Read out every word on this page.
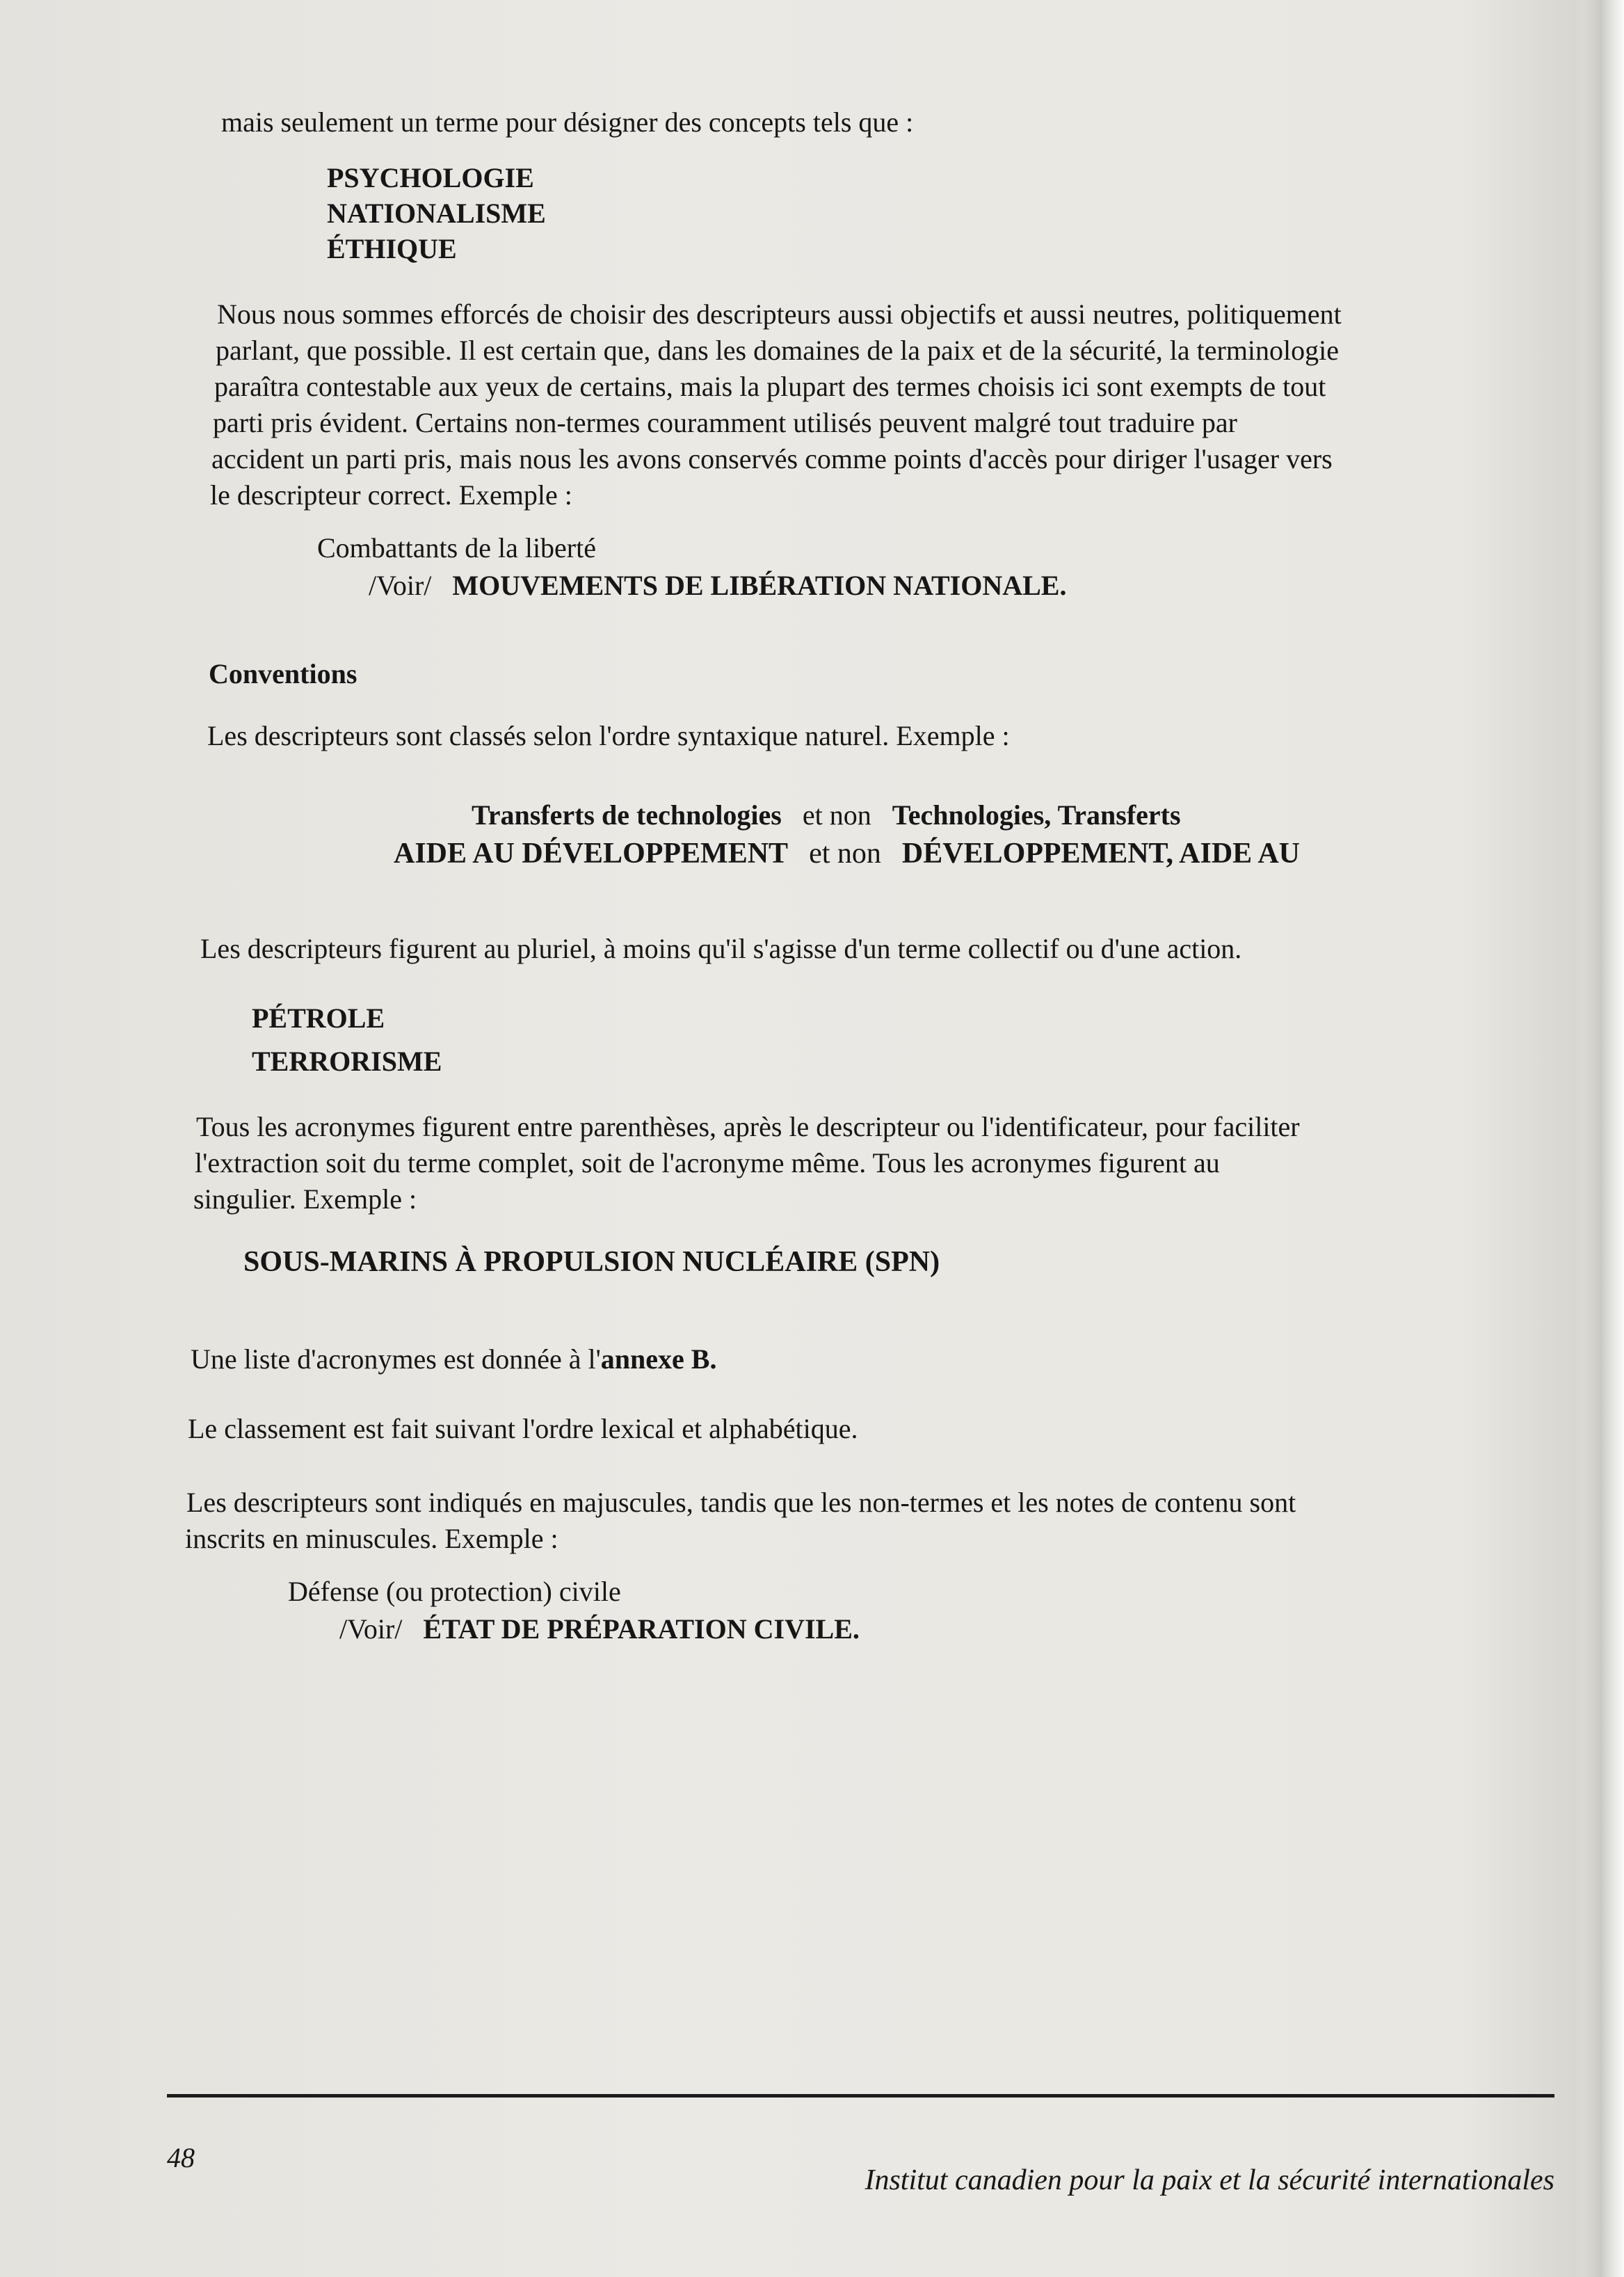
mais seulement un terme pour désigner des concepts tels que :
PSYCHOLOGIE
NATIONALISME
ÉTHIQUE
Nous nous sommes efforcés de choisir des descripteurs aussi objectifs et aussi neutres, politiquement
parlant, que possible. Il est certain que, dans les domaines de la paix et de la sécurité, la terminologie
paraîtra contestable aux yeux de certains, mais la plupart des termes choisis ici sont exempts de tout
parti pris évident. Certains non-termes couramment utilisés peuvent malgré tout traduire par
accident un parti pris, mais nous les avons conservés comme points d'accès pour diriger l'usager vers
le descripteur correct. Exemple :
Combattants de la liberté
/Voir/ MOUVEMENTS DE LIBÉRATION NATIONALE.
Conventions
Les descripteurs sont classés selon l'ordre syntaxique naturel. Exemple :
Transferts de technologies et non Technologies, Transferts
AIDE AU DÉVELOPPEMENT et non DÉVELOPPEMENT, AIDE AU
Les descripteurs figurent au pluriel, à moins qu'il s'agisse d'un terme collectif ou d'une action.
PÉTROLE
TERRORISME
Tous les acronymes figurent entre parenthèses, après le descripteur ou l'identificateur, pour faciliter
l'extraction soit du terme complet, soit de l'acronyme même. Tous les acronymes figurent au
singulier. Exemple :
SOUS-MARINS À PROPULSION NUCLÉAIRE (SPN)
Une liste d'acronymes est donnée à l'annexe B.
Le classement est fait suivant l'ordre lexical et alphabétique.
Les descripteurs sont indiqués en majuscules, tandis que les non-termes et les notes de contenu sont
inscrits en minuscules. Exemple :
Défense (ou protection) civile
/Voir/ ÉTAT DE PRÉPARATION CIVILE.
48
Institut canadien pour la paix et la sécurité internationales
